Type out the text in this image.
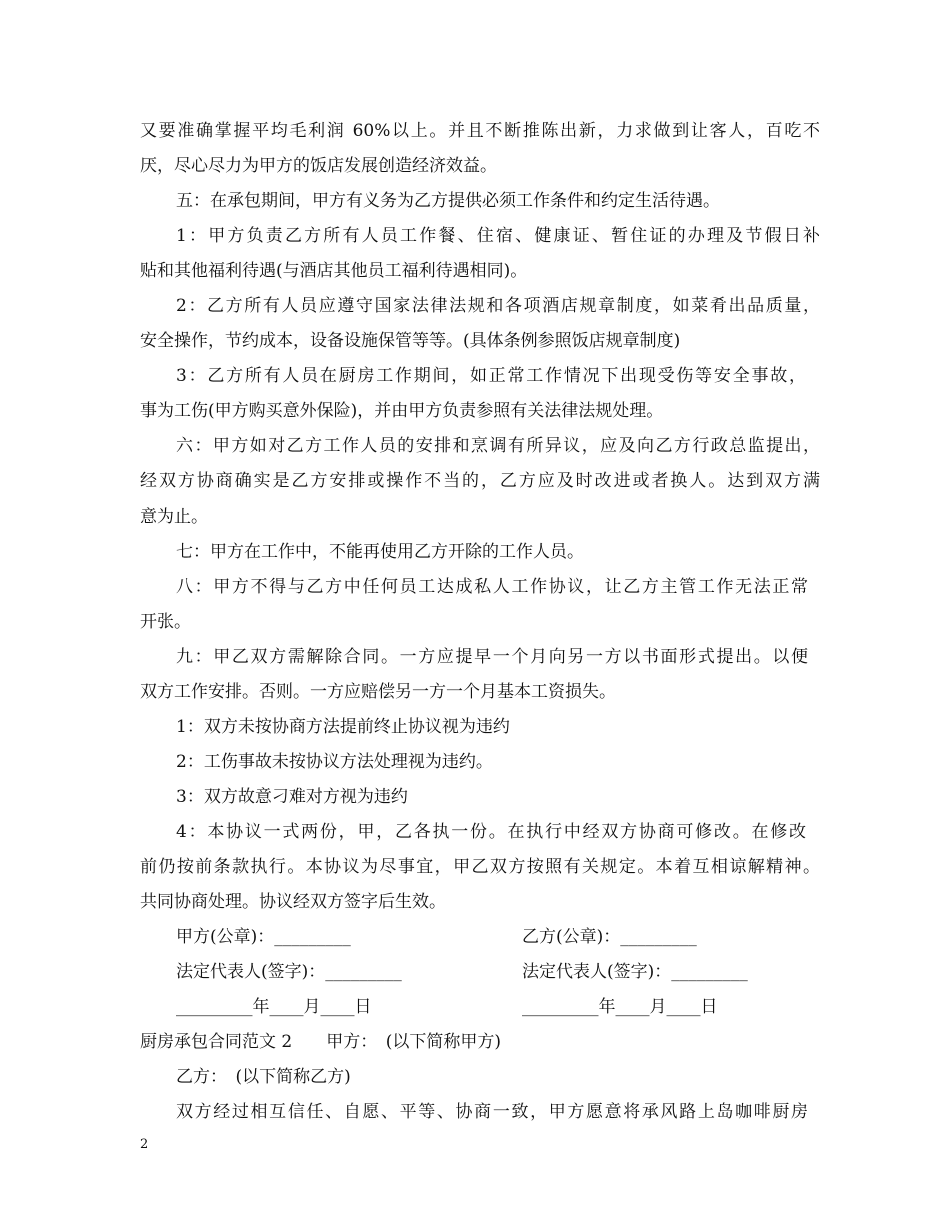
又要准确掌握平均毛利润 60%以上。并且不断推陈出新，力求做到让客人，百吃不
厌，尽心尽力为甲方的饭店发展创造经济效益。
五：在承包期间，甲方有义务为乙方提供必须工作条件和约定生活待遇。
1：甲方负责乙方所有人员工作餐、住宿、健康证、暂住证的办理及节假日补
贴和其他福利待遇(与酒店其他员工福利待遇相同)。
2：乙方所有人员应遵守国家法律法规和各项酒店规章制度，如菜肴出品质量，
安全操作，节约成本，设备设施保管等等。(具体条例参照饭店规章制度)
3：乙方所有人员在厨房工作期间，如正常工作情况下出现受伤等安全事故，
事为工伤(甲方购买意外保险)，并由甲方负责参照有关法律法规处理。
六：甲方如对乙方工作人员的安排和烹调有所异议，应及向乙方行政总监提出，
经双方协商确实是乙方安排或操作不当的，乙方应及时改进或者换人。达到双方满
意为止。
七：甲方在工作中，不能再使用乙方开除的工作人员。
八：甲方不得与乙方中任何员工达成私人工作协议，让乙方主管工作无法正常
开张。
九：甲乙双方需解除合同。一方应提早一个月向另一方以书面形式提出。以便
双方工作安排。否则。一方应赔偿另一方一个月基本工资损失。
1：双方未按协商方法提前终止协议视为违约
2：工伤事故未按协议方法处理视为违约。
3：双方故意刁难对方视为违约
4：本协议一式两份，甲，乙各执一份。在执行中经双方协商可修改。在修改
前仍按前条款执行。本协议为尽事宜，甲乙双方按照有关规定。本着互相谅解精神。
共同协商处理。协议经双方签字后生效。
甲方(公章)：_________	乙方(公章)：_________
法定代表人(签字)：_________	法定代表人(签字)：_________
_________年____月____日	_________年____月____日
厨房承包合同范文 2　　甲方：　(以下简称甲方)
乙方：　(以下简称乙方)
双方经过相互信任、自愿、平等、协商一致，甲方愿意将承风路上岛咖啡厨房
2
